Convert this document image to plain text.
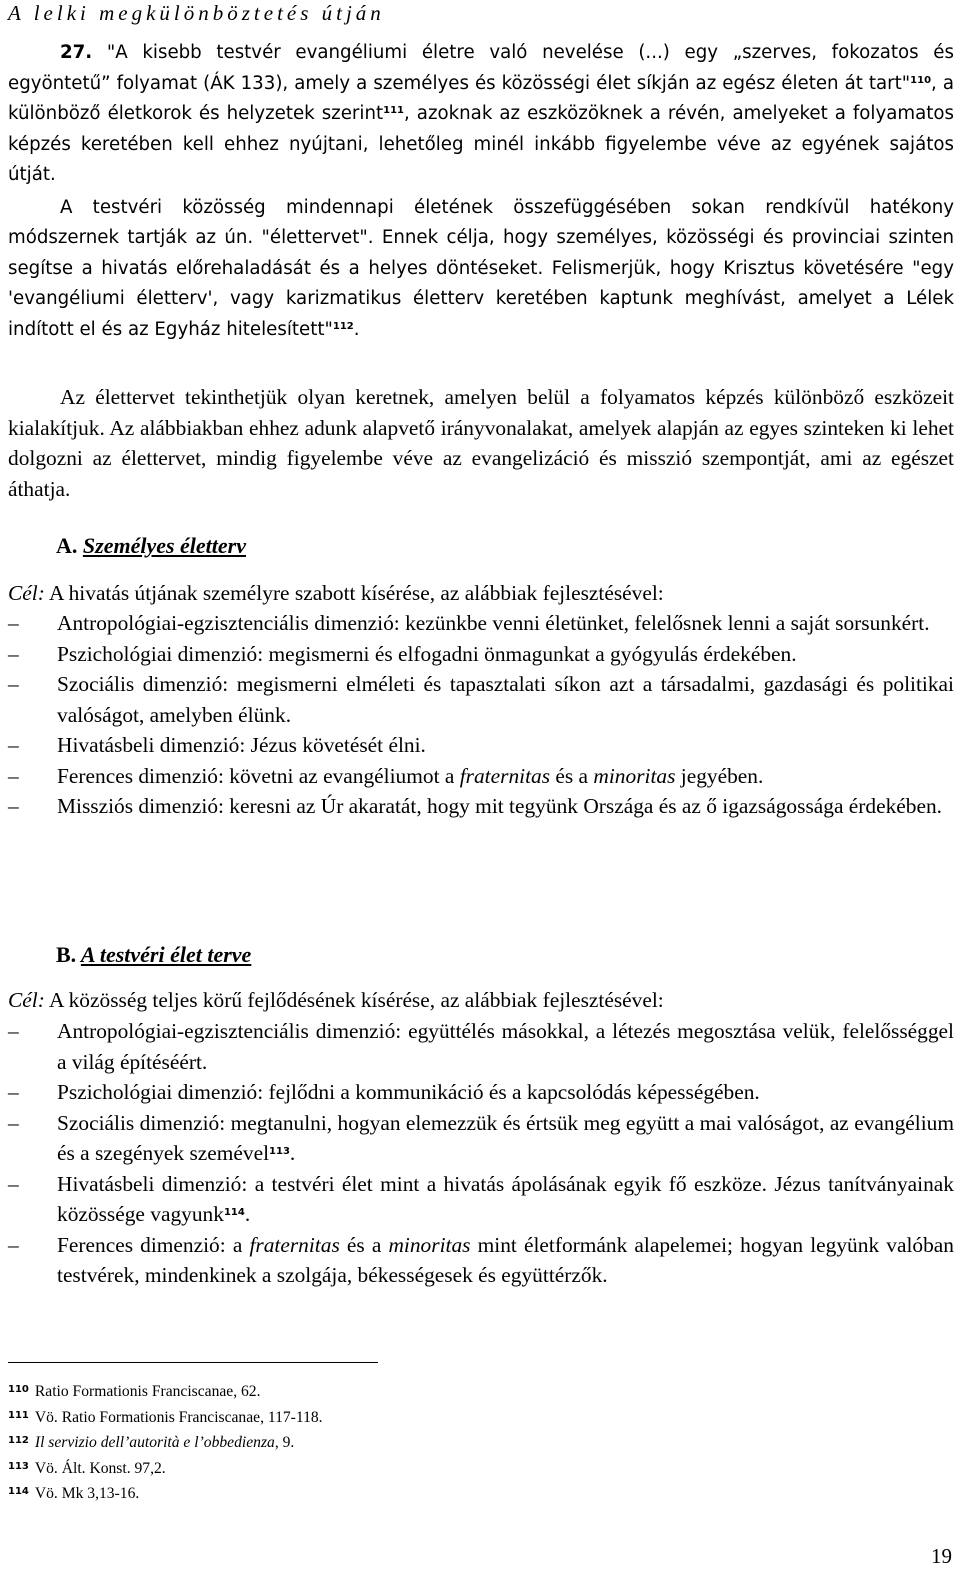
A lelki megkülönböztetés útján

27. "A kisebb testvér evangéliumi életre való nevelése (...) egy „szerves, fokozatos és egyöntetű” folyamat (ÁK 133), amely a személyes és közösségi élet síkján az egész életen át tart"$^{110}$, a különböző életkorok és helyzetek szerint$^{111}$, azoknak az eszközöknek a révén, amelyeket a folyamatos képzés keretében kell ehhez nyújtani, lehetőleg minél inkább figyelembe véve az egyének sajátos útját.

A testvéri közösség mindennapi életének összefüggésében sokan rendkívül hatékony módszernek tartják az ún. "élettervet". Ennek célja, hogy személyes, közösségi és provinciai szinten segítse a hivatás előrehaladását és a helyes döntéseket. Felismerjük, hogy Krisztus követésére "egy 'evangéliumi életterv', vagy karizmatikus életterv keretében kaptunk meghívást, amelyet a Lélek indított el és az Egyház hitelesített"$^{112}$.

Az élettervet tekinthetjük olyan keretnek, amelyen belül a folyamatos képzés különböző eszközeit kialakítjuk. Az alábbiakban ehhez adunk alapvető irányvonalakat, amelyek alapján az egyes szinteken ki lehet dolgozni az élettervet, mindig figyelembe véve az evangelizáció és misszió szempontját, ami az egészet áthatja.

A. Személyes életterv
Cél: A hivatás útjának személyre szabott kísérése, az alábbiak fejlesztésével:
– Antropológiai-egzisztenciális dimenzió: kezünkbe venni életünket, felelősnek lenni a saját sorsunkért.
– Pszichológiai dimenzió: megismerni és elfogadni önmagunkat a gyógyulás érdekében.
– Szociális dimenzió: megismerni elméleti és tapasztalati síkon azt a társadalmi, gazdasági és politikai valóságot, amelyben élünk.
– Hivatásbeli dimenzió: Jézus követését élni.
– Ferences dimenzió: követni az evangéliumot a fraternitas és a minoritas jegyében.
– Missziós dimenzió: keresni az Úr akaratát, hogy mit tegyünk Országa és az ő igazságossága érdekében.
B. A testvéri élet terve
Cél: A közösség teljes körű fejlődésének kísérése, az alábbiak fejlesztésével:
– Antropológiai-egzisztenciális dimenzió: együttélés másokkal, a létezés megosztása velük, felelősséggel a világ építéséért.
– Pszichológiai dimenzió: fejlődni a kommunikáció és a kapcsolódás képességében.
– Szociális dimenzió: megtanulni, hogyan elemezzük és értsük meg együtt a mai valóságot, az evangélium és a szegények szemével$^{113}$.
– Hivatásbeli dimenzió: a testvéri élet mint a hivatás ápolásának egyik fő eszköze. Jézus tanítványainak közössége vagyunk$^{114}$.
– Ferences dimenzió: a fraternitas és a minoritas mint életformánk alapelemei; hogyan legyünk valóban testvérek, mindenkinek a szolgája, békességesek és együttérzők.
$^{110}$ Ratio Formationis Franciscanae, 62.
$^{111}$ Vö. Ratio Formationis Franciscanae, 117-118.
$^{112}$ Il servizio dell’autorità e l’obbedienza, 9.
$^{113}$ Vö. Ált. Konst. 97,2.
$^{114}$ Vö. Mk 3,13-16.
19
